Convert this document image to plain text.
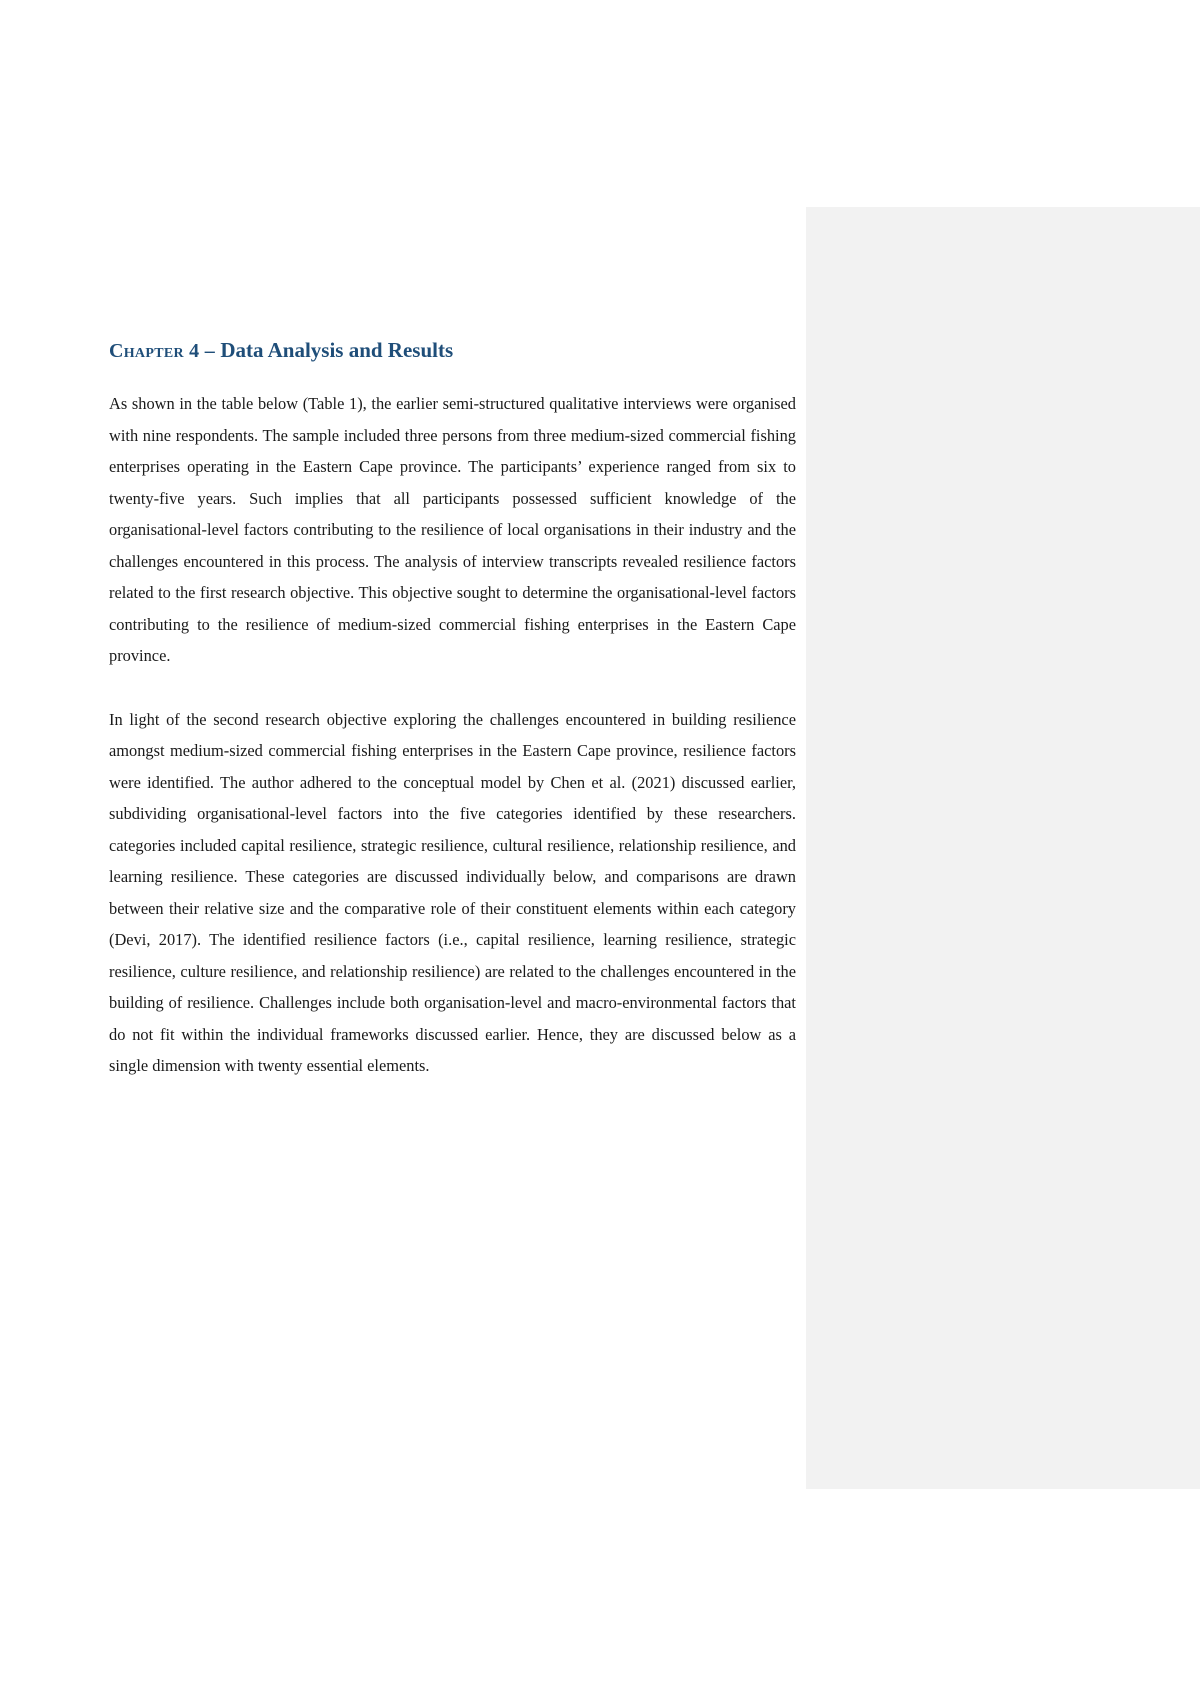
Chapter 4 – Data Analysis and Results

As shown in the table below (Table 1), the earlier semi-structured qualitative interviews were organised with nine respondents. The sample included three persons from three medium-sized commercial fishing enterprises operating in the Eastern Cape province. The participants’ experience ranged from six to twenty-five years. Such implies that all participants possessed sufficient knowledge of the organisational-level factors contributing to the resilience of local organisations in their industry and the challenges encountered in this process. The analysis of interview transcripts revealed resilience factors related to the first research objective. This objective sought to determine the organisational-level factors contributing to the resilience of medium-sized commercial fishing enterprises in the Eastern Cape province.

In light of the second research objective exploring the challenges encountered in building resilience amongst medium-sized commercial fishing enterprises in the Eastern Cape province, resilience factors were identified. The author adhered to the conceptual model by Chen et al. (2021) discussed earlier, subdividing organisational-level factors into the five categories identified by these researchers. categories included capital resilience, strategic resilience, cultural resilience, relationship resilience, and learning resilience. These categories are discussed individually below, and comparisons are drawn between their relative size and the comparative role of their constituent elements within each category (Devi, 2017). The identified resilience factors (i.e., capital resilience, learning resilience, strategic resilience, culture resilience, and relationship resilience) are related to the challenges encountered in the building of resilience. Challenges include both organisation-level and macro-environmental factors that do not fit within the individual frameworks discussed earlier. Hence, they are discussed below as a single dimension with twenty essential elements.
